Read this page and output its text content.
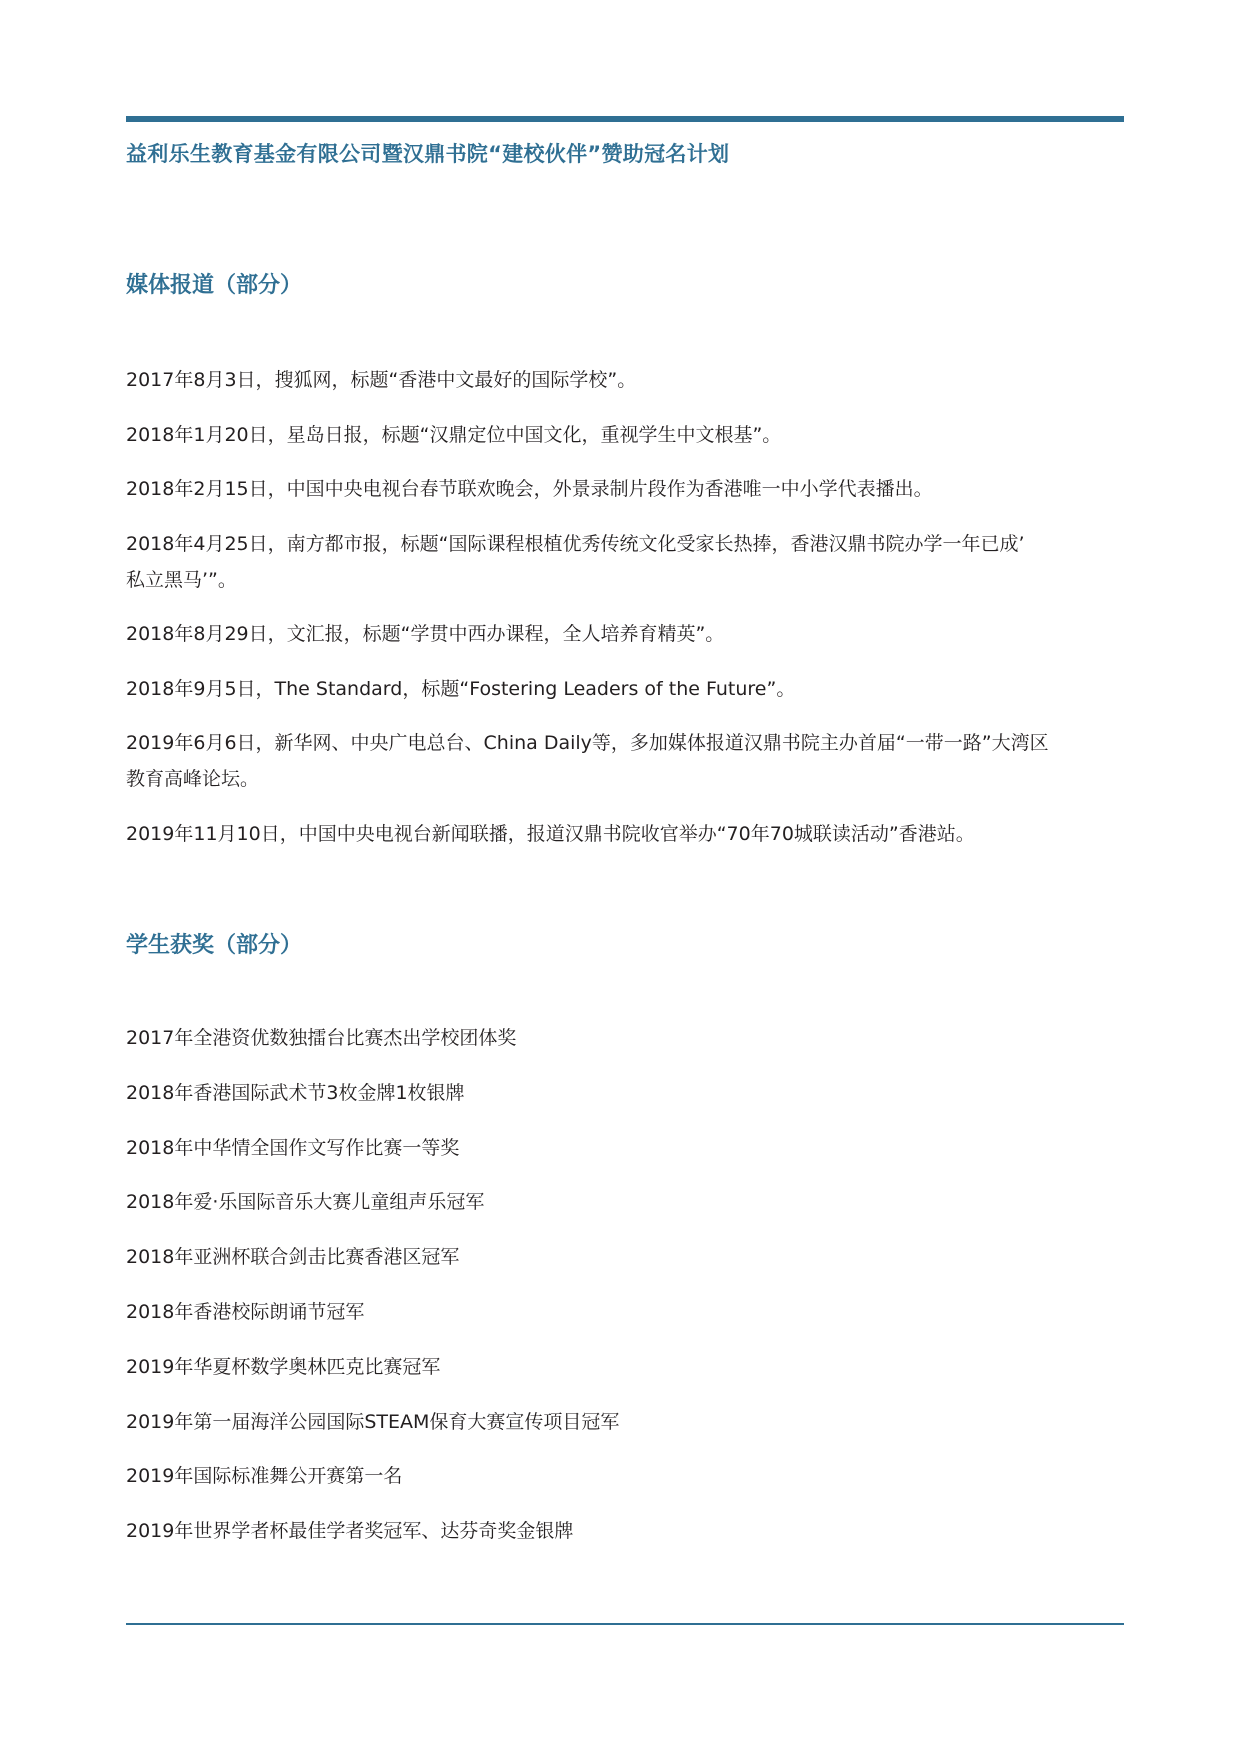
益利乐生教育基金有限公司暨汉鼎书院“建校伙伴”赞助冠名计划
媒体报道（部分）
2017年8月3日，搜狐网，标题“香港中文最好的国际学校”。
2018年1月20日，星岛日报，标题“汉鼎定位中国文化，重视学生中文根基”。
2018年2月15日，中国中央电视台春节联欢晚会，外景录制片段作为香港唯一中小学代表播出。
2018年4月25日，南方都市报，标题“国际课程根植优秀传统文化受家长热捧，香港汉鼎书院办学一年已成’
私立黑马’”。
2018年8月29日，文汇报，标题“学贯中西办课程，全人培养育精英”。
2018年9月5日，The Standard，标题“Fostering Leaders of the Future”。
2019年6月6日，新华网、中央广电总台、China Daily等，多加媒体报道汉鼎书院主办首届“一带一路”大湾区
教育高峰论坛。
2019年11月10日，中国中央电视台新闻联播，报道汉鼎书院收官举办“70年70城联读活动”香港站。
学生获奖（部分）
2017年全港资优数独擂台比赛杰出学校团体奖
2018年香港国际武术节3枚金牌1枚银牌
2018年中华情全国作文写作比赛一等奖
2018年爱·乐国际音乐大赛儿童组声乐冠军
2018年亚洲杯联合剑击比赛香港区冠军
2018年香港校际朗诵节冠军
2019年华夏杯数学奥林匹克比赛冠军
2019年第一届海洋公园国际STEAM保育大赛宣传项目冠军
2019年国际标准舞公开赛第一名
2019年世界学者杯最佳学者奖冠军、达芬奇奖金银牌
